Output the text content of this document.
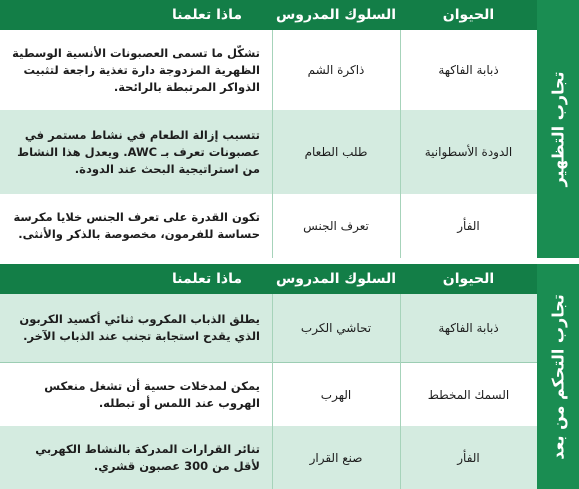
الحيوان
السلوك المدروس
ماذا تعلمنا
ذبابة الفاكهة
ذاكرة الشم
تشكّل ما تسمى العصبونات الأنسية الوسطية الظهرية المزدوجة دارة تغذية راجعة لتثبيت الذواكر المرتبطة بالرائحة.
الدودة الأسطوانية
طلب الطعام
تتسبب إزالة الطعام في نشاط مستمر في عصبونات تعرف بـ AWC. ويعدل هذا النشاط من استراتيجية البحث عند الدودة.
الفأر
تعرف الجنس
تكون القدرة على تعرف الجنس خلايا مكرسة حساسة للفرمون، مخصوصة بالذكر والأنثى.
تجارب التظهير
الحيوان
السلوك المدروس
ماذا تعلمنا
ذبابة الفاكهة
تحاشي الكرب
يطلق الذباب المكروب ثنائي أكسيد الكربون الذي يقدح استجابة تجنب عند الذباب الآخر.
السمك المخطط
الهرب
يمكن لمدخلات حسية أن تشغل منعكس الهروب عند اللمس أو تبطله.
الفأر
صنع القرار
تنائر القرارات المدركة بالنشاط الكهربي لأقل من 300 عصبون قشري.
تجارب التحكم من بعد
